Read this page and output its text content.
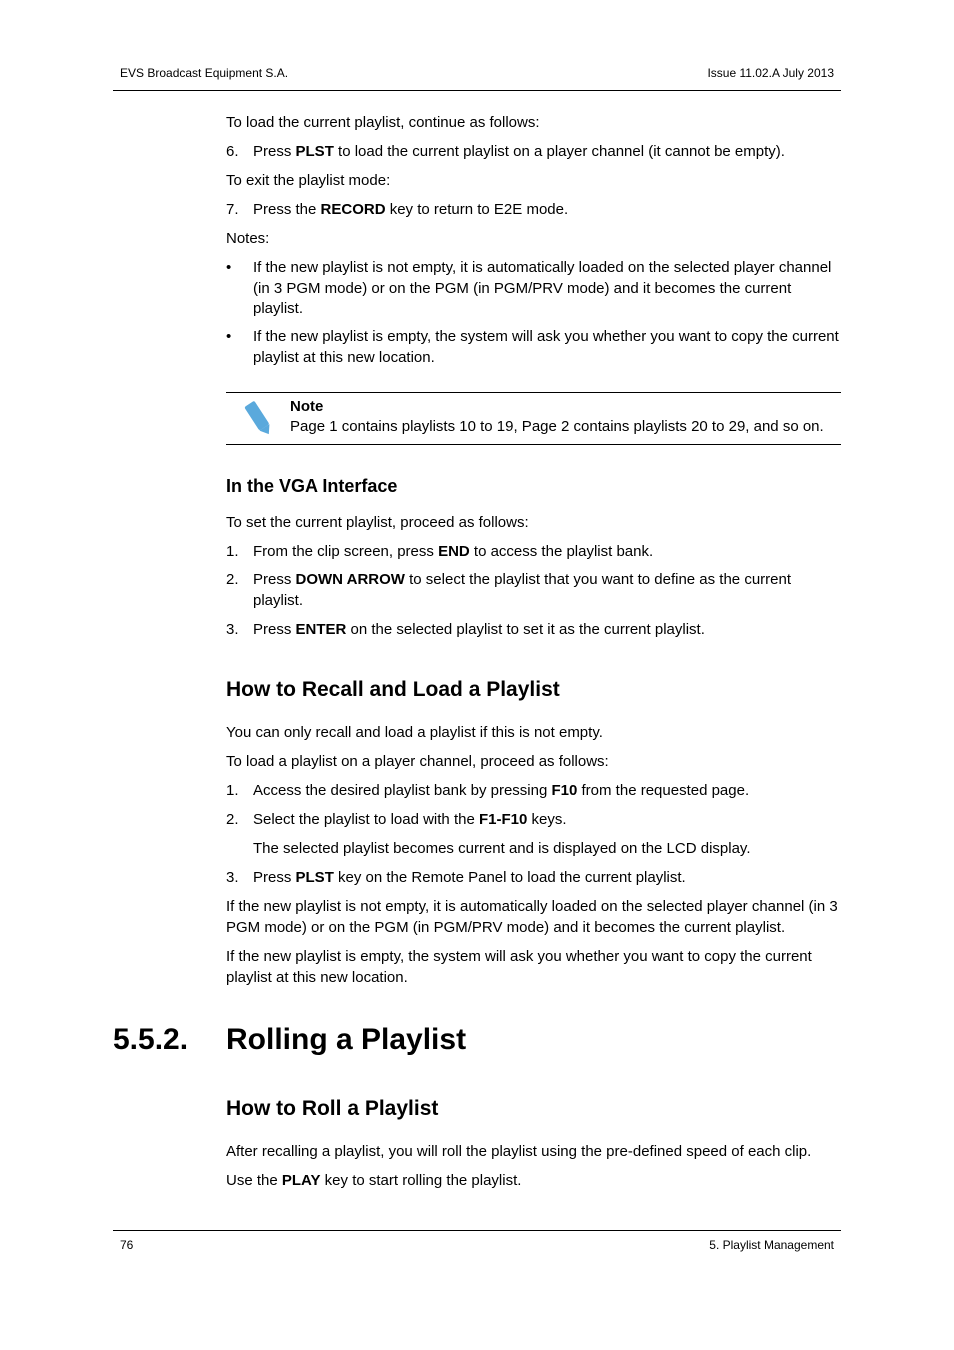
EVS Broadcast Equipment S.A.	Issue 11.02.A July 2013

To load the current playlist, continue as follows:

6. Press PLST to load the current playlist on a player channel (it cannot be empty).

To exit the playlist mode:

7. Press the RECORD key to return to E2E mode.

Notes:

• If the new playlist is not empty, it is automatically loaded on the selected player channel (in 3 PGM mode) or on the PGM (in PGM/PRV mode) and it becomes the current playlist.
• If the new playlist is empty, the system will ask you whether you want to copy the current playlist at this new location.
Note
Page 1 contains playlists 10 to 19, Page 2 contains playlists 20 to 29, and so on.
In the VGA Interface

To set the current playlist, proceed as follows:

1. From the clip screen, press END to access the playlist bank.
2. Press DOWN ARROW to select the playlist that you want to define as the current playlist.
3. Press ENTER on the selected playlist to set it as the current playlist.
How to Recall and Load a Playlist

You can only recall and load a playlist if this is not empty.

To load a playlist on a player channel, proceed as follows:

1. Access the desired playlist bank by pressing F10 from the requested page.
2. Select the playlist to load with the F1-F10 keys.
The selected playlist becomes current and is displayed on the LCD display.
3. Press PLST key on the Remote Panel to load the current playlist.

If the new playlist is not empty, it is automatically loaded on the selected player channel (in 3 PGM mode) or on the PGM (in PGM/PRV mode) and it becomes the current playlist.

If the new playlist is empty, the system will ask you whether you want to copy the current playlist at this new location.

5.5.2. Rolling a Playlist
How to Roll a Playlist

After recalling a playlist, you will roll the playlist using the pre-defined speed of each clip.

Use the PLAY key to start rolling the playlist.

76	5. Playlist Management
